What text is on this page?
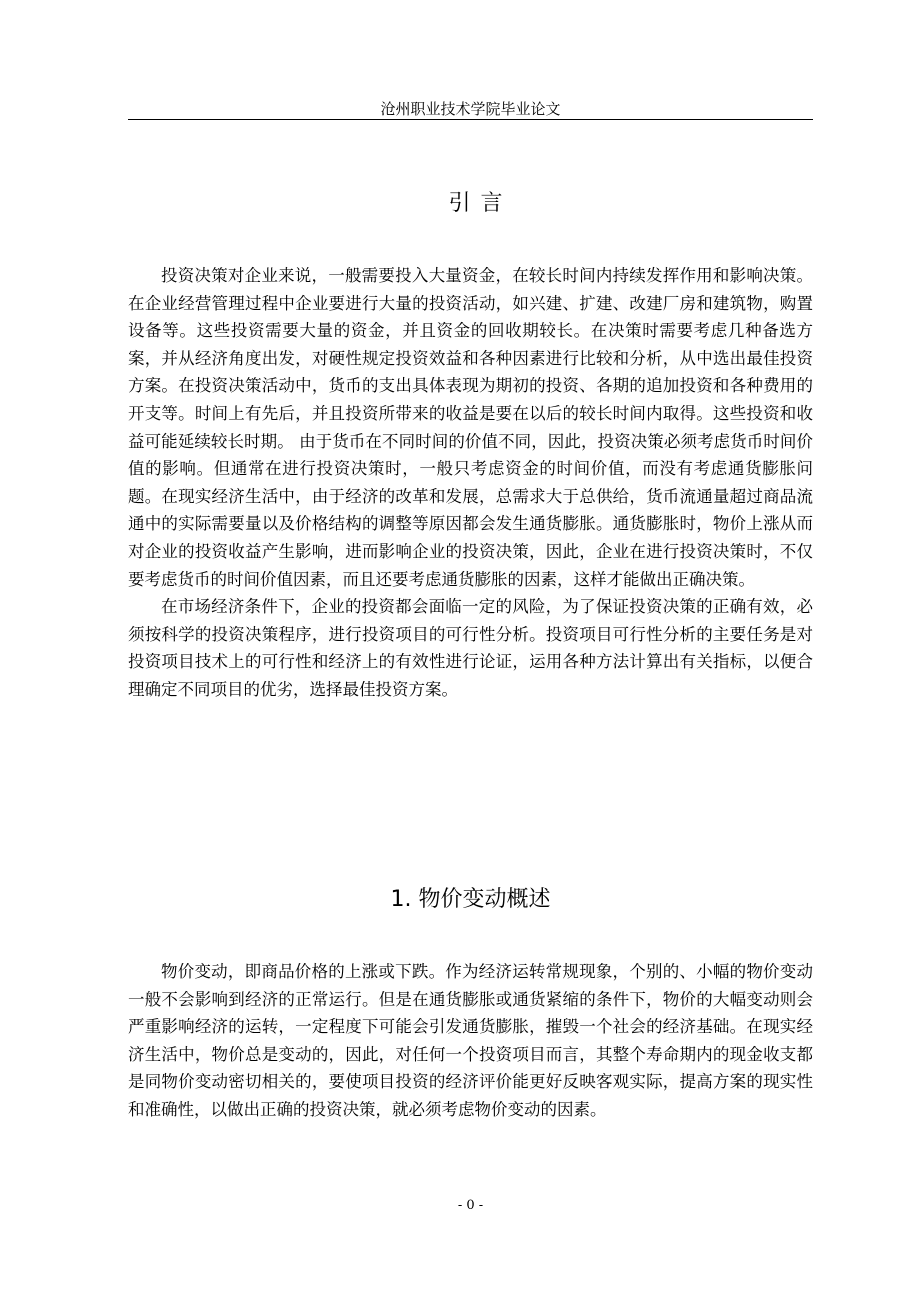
沧州职业技术学院毕业论文
引言

投资决策对企业来说，一般需要投入大量资金，在较长时间内持续发挥作用和影响决策。 在企业经营管理过程中企业要进行大量的投资活动，如兴建、扩建、改建厂房和建筑物，购置设备等。这些投资需要大量的资金，并且资金的回收期较长。在决策时需要考虑几种备选方案，并从经济角度出发，对硬性规定投资效益和各种因素进行比较和分析，从中选出最佳投资方案。在投资决策活动中，货币的支出具体表现为期初的投资、各期的追加投资和各种费用的开支等。时间上有先后，并且投资所带来的收益是要在以后的较长时间内取得。这些投资和收益可能延续较长时期。 由于货币在不同时间的价值不同，因此，投资决策必须考虑货币时间价值的影响。但通常在进行投资决策时，一般只考虑资金的时间价值，而没有考虑通货膨胀问题。在现实经济生活中，由于经济的改革和发展，总需求大于总供给，货币流通量超过商品流通中的实际需要量以及价格结构的调整等原因都会发生通货膨胀。通货膨胀时，物价上涨从而对企业的投资收益产生影响，进而影响企业的投资决策，因此，企业在进行投资决策时，不仅要考虑货币的时间价值因素，而且还要考虑通货膨胀的因素，这样才能做出正确决策。

在市场经济条件下，企业的投资都会面临一定的风险，为了保证投资决策的正确有效，必须按科学的投资决策程序，进行投资项目的可行性分析。投资项目可行性分析的主要任务是对投资项目技术上的可行性和经济上的有效性进行论证，运用各种方法计算出有关指标，以便合理确定不同项目的优劣，选择最佳投资方案。

1. 物价变动概述

物价变动，即商品价格的上涨或下跌。作为经济运转常规现象，个别的、小幅的物价变动一般不会影响到经济的正常运行。但是在通货膨胀或通货紧缩的条件下，物价的大幅变动则会严重影响经济的运转，一定程度下可能会引发通货膨胀，摧毁一个社会的经济基础。在现实经济生活中，物价总是变动的，因此，对任何一个投资项目而言，其整个寿命期内的现金收支都是同物价变动密切相关的，要使项目投资的经济评价能更好反映客观实际，提高方案的现实性和准确性，以做出正确的投资决策，就必须考虑物价变动的因素。

- 0 -
